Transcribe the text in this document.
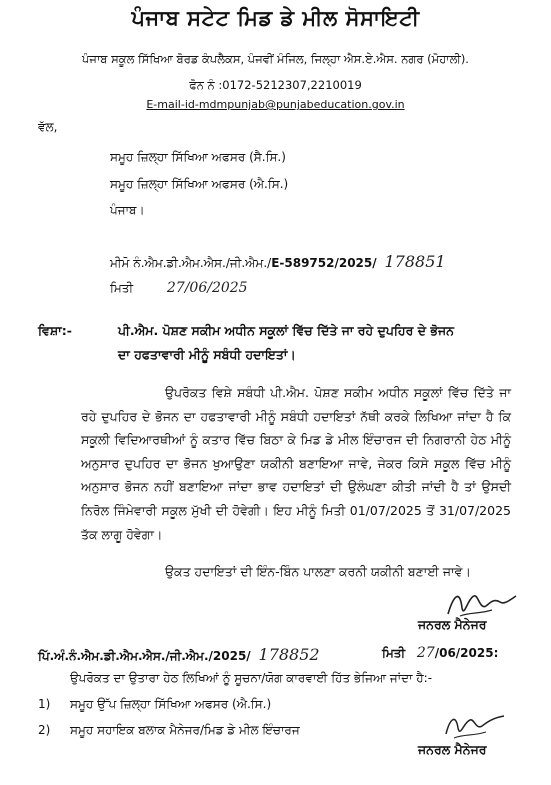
ਪੰਜਾਬ ਸਟੇਟ ਮਿਡ ਡੇ ਮੀਲ ਸੋਸਾਇਟੀ
ਪੰਜਾਬ ਸਕੂਲ ਸਿੱਖਿਆ ਬੋਰਡ ਕੰਪਲੈਕਸ, ਪੰਜਵੀਂ ਮੰਜਿਲ, ਜਿਲ੍ਹਾ ਐਸ.ਏ.ਐਸ. ਨਗਰ (ਮੋਹਾਲੀ).
ਫੋਨ ਨੰ :0172-5212307,2210019
E-mail-id-mdmpunjab@punjabeducation.gov.in
ਵੱਲ,
ਸਮੂਹ ਜ਼ਿਲ੍ਹਾ ਸਿੱਖਿਆ ਅਫਸਰ (ਸੈ.ਸਿ.)
ਸਮੂਹ ਜ਼ਿਲ੍ਹਾ ਸਿੱਖਿਆ ਅਫਸਰ (ਐ.ਸਿ.)
ਪੰਜਾਬ।
ਮੀਮੋ ਨੰ.ਐਮ.ਡੀ.ਐਮ.ਐਸ./ਜੀ.ਐਮ./E-589752/2025/ 178851
ਮਿਤੀ 27/06/2025
ਵਿਸ਼ਾ:-	ਪੀ.ਐਮ. ਪੋਸ਼ਣ ਸਕੀਮ ਅਧੀਨ ਸਕੂਲਾਂ ਵਿੱਚ ਦਿੱਤੇ ਜਾ ਰਹੇ ਦੁਪਹਿਰ ਦੇ ਭੋਜਨ
ਦਾ ਹਫਤਾਵਾਰੀ ਮੀਨੂੰ ਸਬੰਧੀ ਹਦਾਇਤਾਂ।
ਉਪਰੋਕਤ ਵਿਸ਼ੇ ਸਬੰਧੀ ਪੀ.ਐਮ. ਪੋਸ਼ਣ ਸਕੀਮ ਅਧੀਨ ਸਕੂਲਾਂ ਵਿੱਚ ਦਿੱਤੇ ਜਾ ਰਹੇ ਦੁਪਹਿਰ ਦੇ ਭੋਜਨ ਦਾ ਹਫਤਾਵਾਰੀ ਮੀਨੂੰ ਸਬੰਧੀ ਹਦਾਇਤਾਂ ਨੱਥੀ ਕਰਕੇ ਲਿਖਿਆ ਜਾਂਦਾ ਹੈ ਕਿ ਸਕੂਲੀ ਵਿਦਿਆਰਥੀਆਂ ਨੂੰ ਕਤਾਰ ਵਿੱਚ ਬਿਠਾ ਕੇ ਮਿਡ ਡੇ ਮੀਲ ਇੰਚਾਰਜ ਦੀ ਨਿਗਰਾਨੀ ਹੇਠ ਮੀਨੂੰ ਅਨੁਸਾਰ ਦੁਪਹਿਰ ਦਾ ਭੋਜਨ ਖੁਆਉਣਾ ਯਕੀਨੀ ਬਣਾਇਆ ਜਾਵੇ, ਜੇਕਰ ਕਿਸੇ ਸਕੂਲ ਵਿੱਚ ਮੀਨੂੰ ਅਨੁਸਾਰ ਭੋਜਨ ਨਹੀਂ ਬਣਾਇਆ ਜਾਂਦਾ ਭਾਵ ਹਦਾਇਤਾਂ ਦੀ ਉਲੰਘਣਾ ਕੀਤੀ ਜਾਂਦੀ ਹੈ ਤਾਂ ਉਸਦੀ ਨਿਰੋਲ ਜਿੰਮੇਵਾਰੀ ਸਕੂਲ ਮੁੱਖੀ ਦੀ ਹੋਵੇਗੀ। ਇਹ ਮੀਨੂੰ ਮਿਤੀ 01/07/2025 ਤੋਂ 31/07/2025 ਤੱਕ ਲਾਗੂ ਹੋਵੇਗਾ।
ਉਕਤ ਹਦਾਇਤਾਂ ਦੀ ਇੰਨ-ਬਿੰਨ ਪਾਲਣਾ ਕਰਨੀ ਯਕੀਨੀ ਬਣਾਈ ਜਾਵੇ।
ਜਨਰਲ ਮੈਨੇਜਰ
ਪਿੱ.ਅੰ.ਨੰ.ਐਮ.ਡੀ.ਐਮ.ਐਸ./ਜੀ.ਐਮ./2025/ 178852	ਮਿਤੀ 27/06/2025:
ਉਪਰੋਕਤ ਦਾ ਉਤਾਰਾ ਹੇਠ ਲਿਖਿਆਂ ਨੂੰ ਸੂਚਨਾ/ਯੋਗ ਕਾਰਵਾਈ ਹਿੱਤ ਭੇਜਿਆ ਜਾਂਦਾ ਹੈ:-
1) ਸਮੂਹ ਉੱਪ ਜ਼ਿਲ੍ਹਾ ਸਿੱਖਿਆ ਅਫਸਰ (ਐ.ਸਿ.)
2) ਸਮੂਹ ਸਹਾਇਕ ਬਲਾਕ ਮੈਨੇਜਰ/ਮਿਡ ਡੇ ਮੀਲ ਇੰਚਾਰਜ
ਜਨਰਲ ਮੈਨੇਜਰ
